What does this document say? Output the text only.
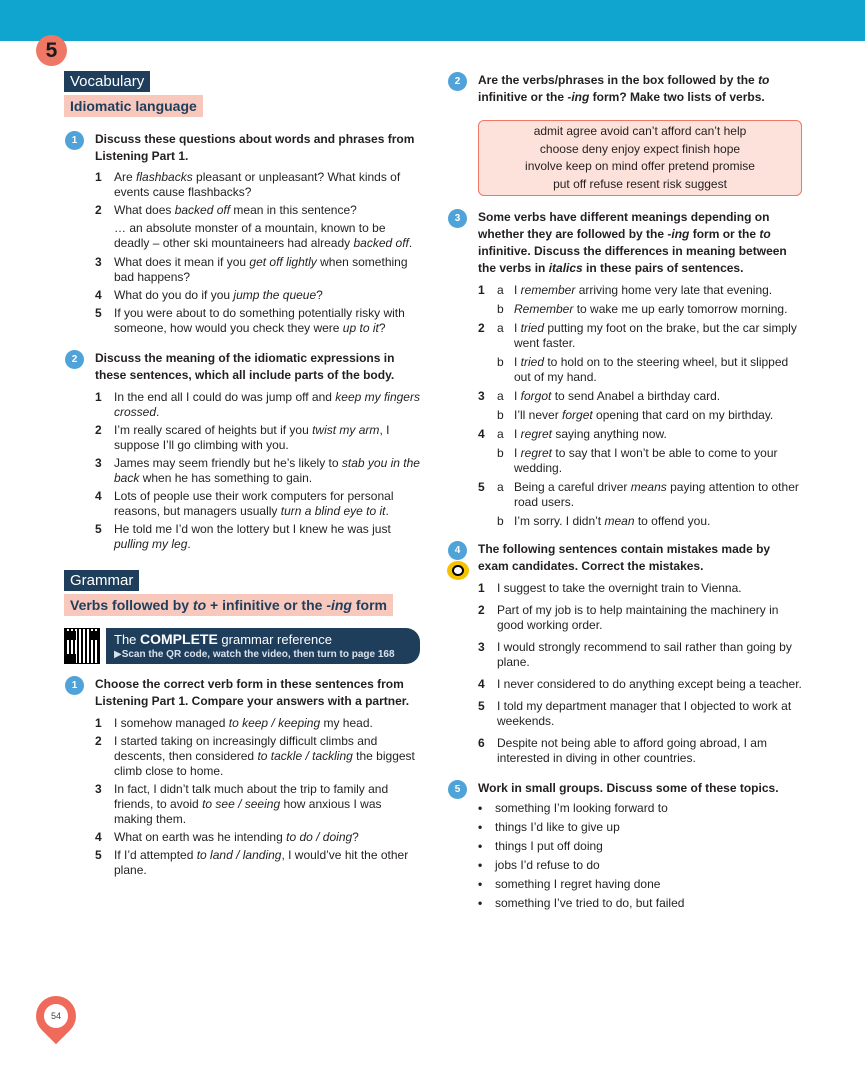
5
Vocabulary
Idiomatic language
1	Discuss these questions about words and phrases from Listening Part 1.
1 Are flashbacks pleasant or unpleasant? What kinds of events cause flashbacks?
2 What does backed off mean in this sentence?
… an absolute monster of a mountain, known to be deadly – other ski mountaineers had already backed off.
3 What does it mean if you get off lightly when something bad happens?
4 What do you do if you jump the queue?
5 If you were about to do something potentially risky with someone, how would you check they were up to it?
2	Discuss the meaning of the idiomatic expressions in these sentences, which all include parts of the body.
1 In the end all I could do was jump off and keep my fingers crossed.
2 I’m really scared of heights but if you twist my arm, I suppose I’ll go climbing with you.
3 James may seem friendly but he’s likely to stab you in the back when he has something to gain.
4 Lots of people use their work computers for personal reasons, but managers usually turn a blind eye to it.
5 He told me I’d won the lottery but I knew he was just pulling my leg.
Grammar
Verbs followed by to + infinitive or the -ing form
The COMPLETE grammar reference
▶Scan the QR code, watch the video, then turn to page 168
1	Choose the correct verb form in these sentences from Listening Part 1. Compare your answers with a partner.
1 I somehow managed to keep / keeping my head.
2 I started taking on increasingly difficult climbs and descents, then considered to tackle / tackling the biggest climb close to home.
3 In fact, I didn’t talk much about the trip to family and friends, to avoid to see / seeing how anxious I was making them.
4 What on earth was he intending to do / doing?
5 If I’d attempted to land / landing, I would’ve hit the other plane.
2	Are the verbs/phrases in the box followed by the to infinitive or the -ing form? Make two lists of verbs.
admit agree avoid can’t afford can’t help
choose deny enjoy expect finish hope
involve keep on mind offer pretend promise
put off refuse resent risk suggest
3	Some verbs have different meanings depending on whether they are followed by the -ing form or the to infinitive. Discuss the differences in meaning between the verbs in italics in these pairs of sentences.
1 a I remember arriving home very late that evening.
b Remember to wake me up early tomorrow morning.
2 a I tried putting my foot on the brake, but the car simply went faster.
b I tried to hold on to the steering wheel, but it slipped out of my hand.
3 a I forgot to send Anabel a birthday card.
b I’ll never forget opening that card on my birthday.
4 a I regret saying anything now.
b I regret to say that I won’t be able to come to your wedding.
5 a Being a careful driver means paying attention to other road users.
b I’m sorry. I didn’t mean to offend you.
4	The following sentences contain mistakes made by exam candidates. Correct the mistakes.
1 I suggest to take the overnight train to Vienna.
2 Part of my job is to help maintaining the machinery in good working order.
3 I would strongly recommend to sail rather than going by plane.
4 I never considered to do anything except being a teacher.
5 I told my department manager that I objected to work at weekends.
6 Despite not being able to afford going abroad, I am interested in diving in other countries.
5	Work in small groups. Discuss some of these topics.
• something I’m looking forward to
• things I’d like to give up
• things I put off doing
• jobs I’d refuse to do
• something I regret having done
• something I’ve tried to do, but failed
54
